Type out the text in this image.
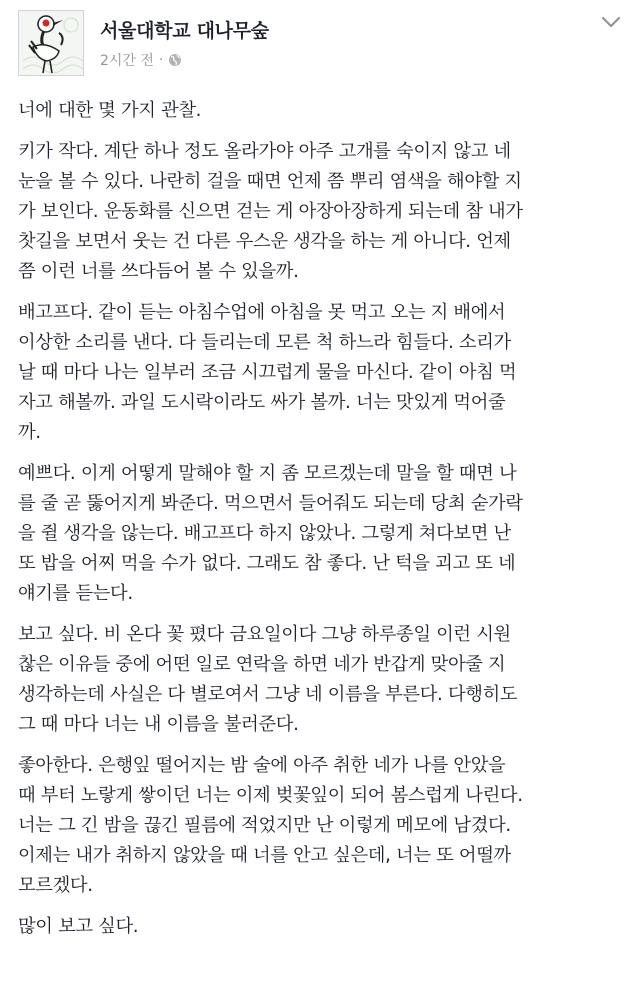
서울대학교 대나무숲
2시간 전 ·

너에 대한 몇 가지 관찰.

키가 작다. 계단 하나 정도 올라가야 아주 고개를 숙이지 않고 네
눈을 볼 수 있다. 나란히 걸을 때면 언제 쯤 뿌리 염색을 해야할 지
가 보인다. 운동화를 신으면 걷는 게 아장아장하게 되는데 참 내가
찻길을 보면서 웃는 건 다른 우스운 생각을 하는 게 아니다. 언제
쯤 이런 너를 쓰다듬어 볼 수 있을까.

배고프다. 같이 듣는 아침수업에 아침을 못 먹고 오는 지 배에서
이상한 소리를 낸다. 다 들리는데 모른 척 하느라 힘들다. 소리가
날 때 마다 나는 일부러 조금 시끄럽게 물을 마신다. 같이 아침 먹
자고 해볼까. 과일 도시락이라도 싸가 볼까. 너는 맛있게 먹어줄
까.

예쁘다. 이게 어떻게 말해야 할 지 좀 모르겠는데 말을 할 때면 나
를 줄 곧 뚫어지게 봐준다. 먹으면서 들어줘도 되는데 당최 숟가락
을 쥘 생각을 않는다. 배고프다 하지 않았나. 그렇게 쳐다보면 난
또 밥을 어찌 먹을 수가 없다. 그래도 참 좋다. 난 턱을 괴고 또 네
얘기를 듣는다.

보고 싶다. 비 온다 꽃 폈다 금요일이다 그냥 하루종일 이런 시원
찮은 이유들 중에 어떤 일로 연락을 하면 네가 반갑게 맞아줄 지
생각하는데 사실은 다 별로여서 그냥 네 이름을 부른다. 다행히도
그 때 마다 너는 내 이름을 불러준다.

좋아한다. 은행잎 떨어지는 밤 술에 아주 취한 네가 나를 안았을
때 부터 노랗게 쌓이던 너는 이제 벚꽃잎이 되어 봄스럽게 나린다.
너는 그 긴 밤을 끊긴 필름에 적었지만 난 이렇게 메모에 남겼다.
이제는 내가 취하지 않았을 때 너를 안고 싶은데, 너는 또 어떨까
모르겠다.

많이 보고 싶다.
